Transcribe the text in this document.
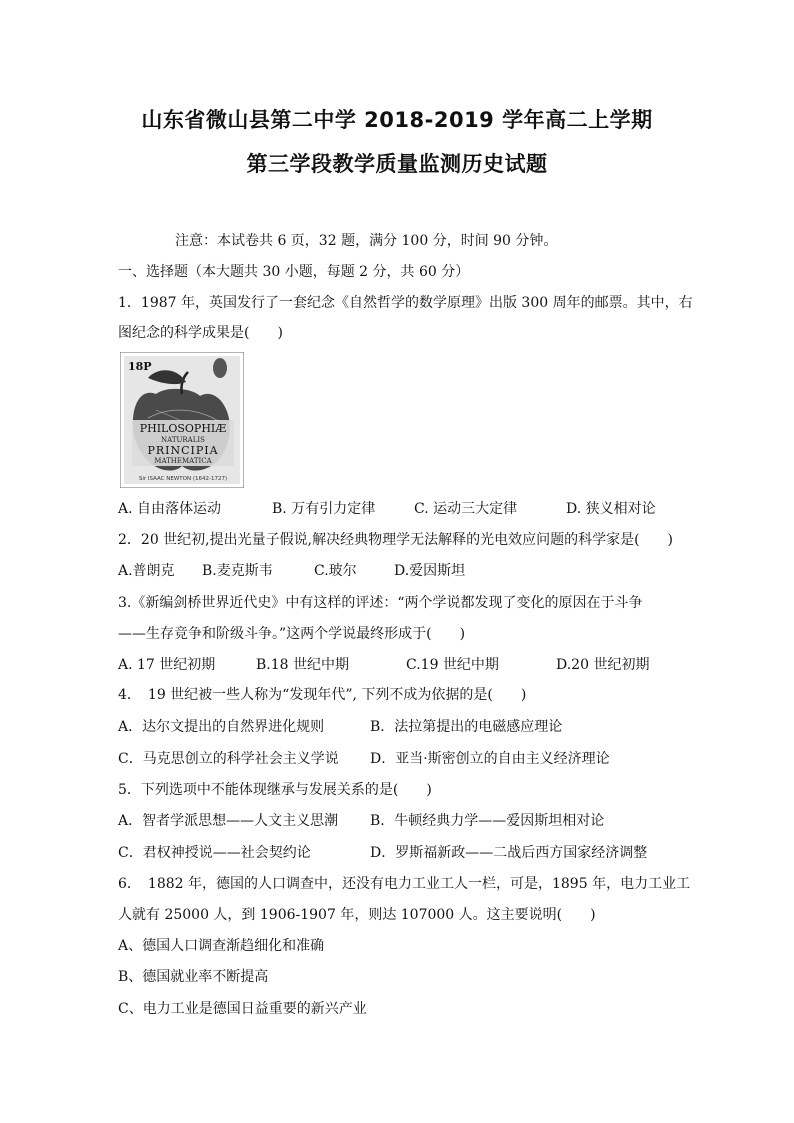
山东省微山县第二中学 2018-2019 学年高二上学期
第三学段教学质量监测历史试题
注意：本试卷共 6 页，32 题，满分 100 分，时间 90 分钟。
一、选择题（本大题共 30 小题，每题 2 分，共 60 分）
1．1987 年，英国发行了一套纪念《自然哲学的数学原理》出版 300 周年的邮票。其中，右
图纪念的科学成果是(　　)
18P
PHILOSOPHIÆ
NATURALIS
PRINCIPIA
MATHEMATICA
Sir ISAAC NEWTON (1642-1727)
A. 自由落体运动	B. 万有引力定律	C. 运动三大定律	D. 狭义相对论
2．20 世纪初,提出光量子假说,解决经典物理学无法解释的光电效应问题的科学家是(　　)
A.普朗克 B.麦克斯韦	C.玻尔	D.爱因斯坦
3.《新编剑桥世界近代史》中有这样的评述：“两个学说都发现了变化的原因在于斗争
——生存竞争和阶级斗争。”这两个学说最终形成于(　　)
A. 17 世纪初期	B.18 世纪中期	C.19 世纪中期	D.20 世纪初期
4．　19 世纪被一些人称为“发现年代”, 下列不成为依据的是(　　)
A．达尔文提出的自然界进化规则	B．法拉第提出的电磁感应理论
C．马克思创立的科学社会主义学说 D．亚当·斯密创立的自由主义经济理论
5．下列选项中不能体现继承与发展关系的是(　　)
A．智者学派思想——人文主义思潮 B．牛顿经典力学——爱因斯坦相对论
C．君权神授说——社会契约论	D．罗斯福新政——二战后西方国家经济调整
6．　1882 年，德国的人口调查中，还没有电力工业工人一栏，可是，1895 年，电力工业工
人就有 25000 人，到 1906-1907 年，则达 107000 人。这主要说明(　　)
A、德国人口调查渐趋细化和准确
B、德国就业率不断提高
C、电力工业是德国日益重要的新兴产业
